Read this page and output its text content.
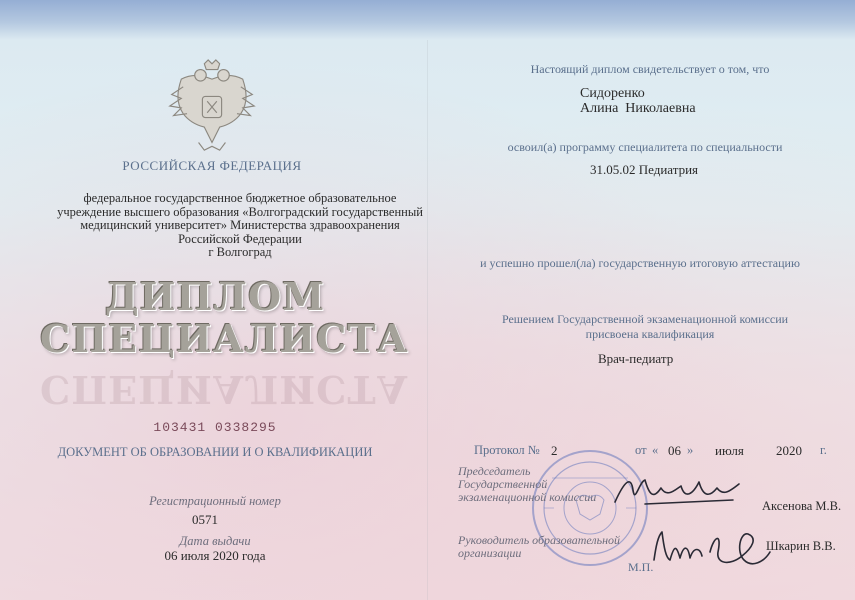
РОССИЙСКАЯ ФЕДЕРАЦИЯ
федеральное государственное бюджетное образовательное
учреждение высшего образования «Волгоградский государственный
медицинский университет» Министерства здравоохранения
Российской Федерации
г Волгоград
ДИПЛОМ
СПЕЦИАЛИСТА
СПЕЦИАЛИСТА
103431 0338295
ДОКУМЕНТ ОБ ОБРАЗОВАНИИ И О КВАЛИФИКАЦИИ
Регистрационный номер
0571
Дата выдачи
06 июля 2020 года
Настоящий диплом свидетельствует о том, что
Сидоренко
Алина  Николаевна
освоил(а) программу специалитета по специальности
31.05.02 Педиатрия
и успешно прошел(ла) государственную итоговую аттестацию
Решением Государственной экзаменационной комиссии
присвоена квалификация
Врач-педиатр
Протокол № 2	от « 06 » июля 2020 г.
Председатель
Государственной
экзаменационной комиссии
Аксенова М.В.
Руководитель образовательной
организации	Шкарин В.В.
М.П.
